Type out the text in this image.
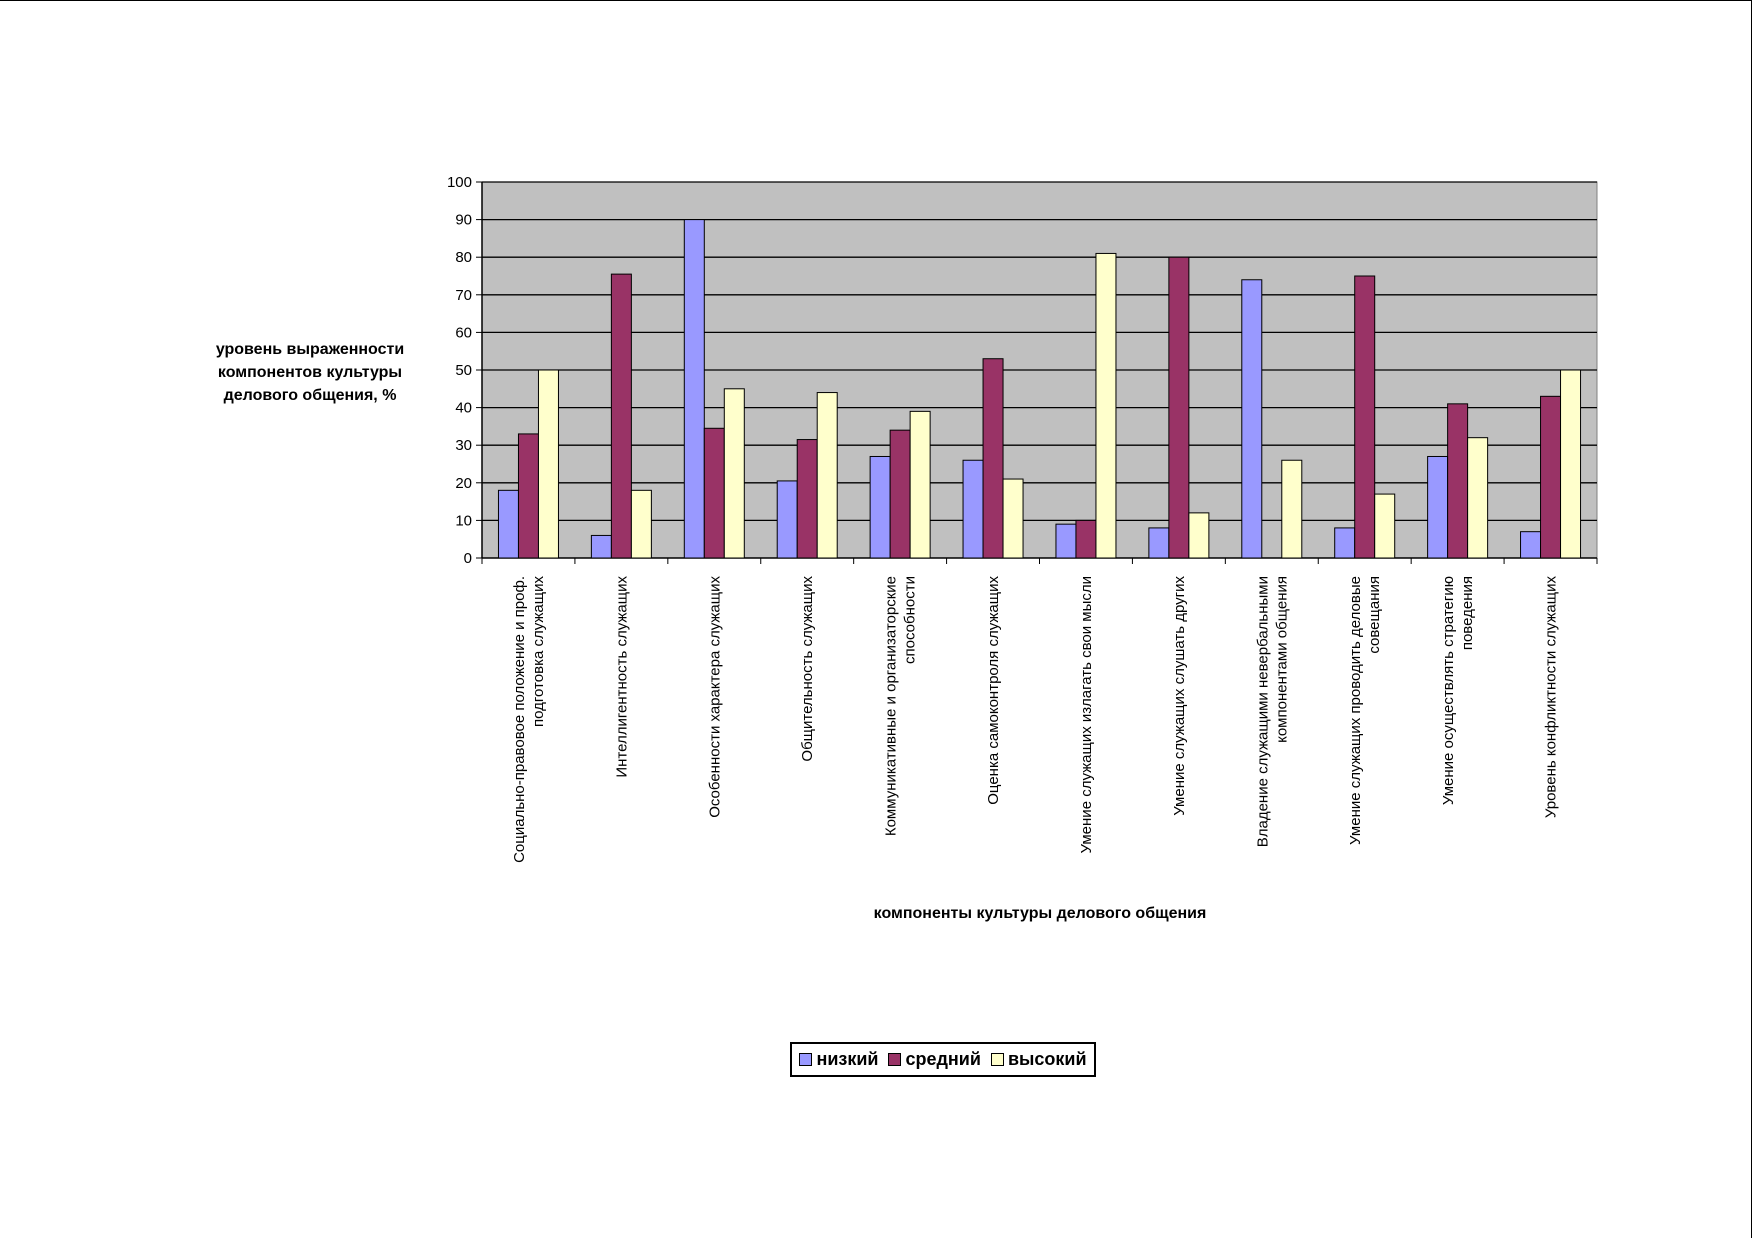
0
10
20
30
40
50
60
70
80
90
100
Социально-правовое положение и проф. подготовка служащих	Интеллигентность служащих	Особенности характера служащих	Общительность служащих	Коммуникативные и организаторские способности	Оценка самоконтроля служащих	Умение служащих излагать свои мысли	Умение служащих слушать других	Владение служащими невербальными компонентами общения	Умение служащих проводить деловые совещания	Умение осуществлять стратегию поведения	Уровень конфликтности служащих
уровень выраженности
компонентов культуры
делового общения, %
компоненты культуры делового общения
низкий средний высокий
